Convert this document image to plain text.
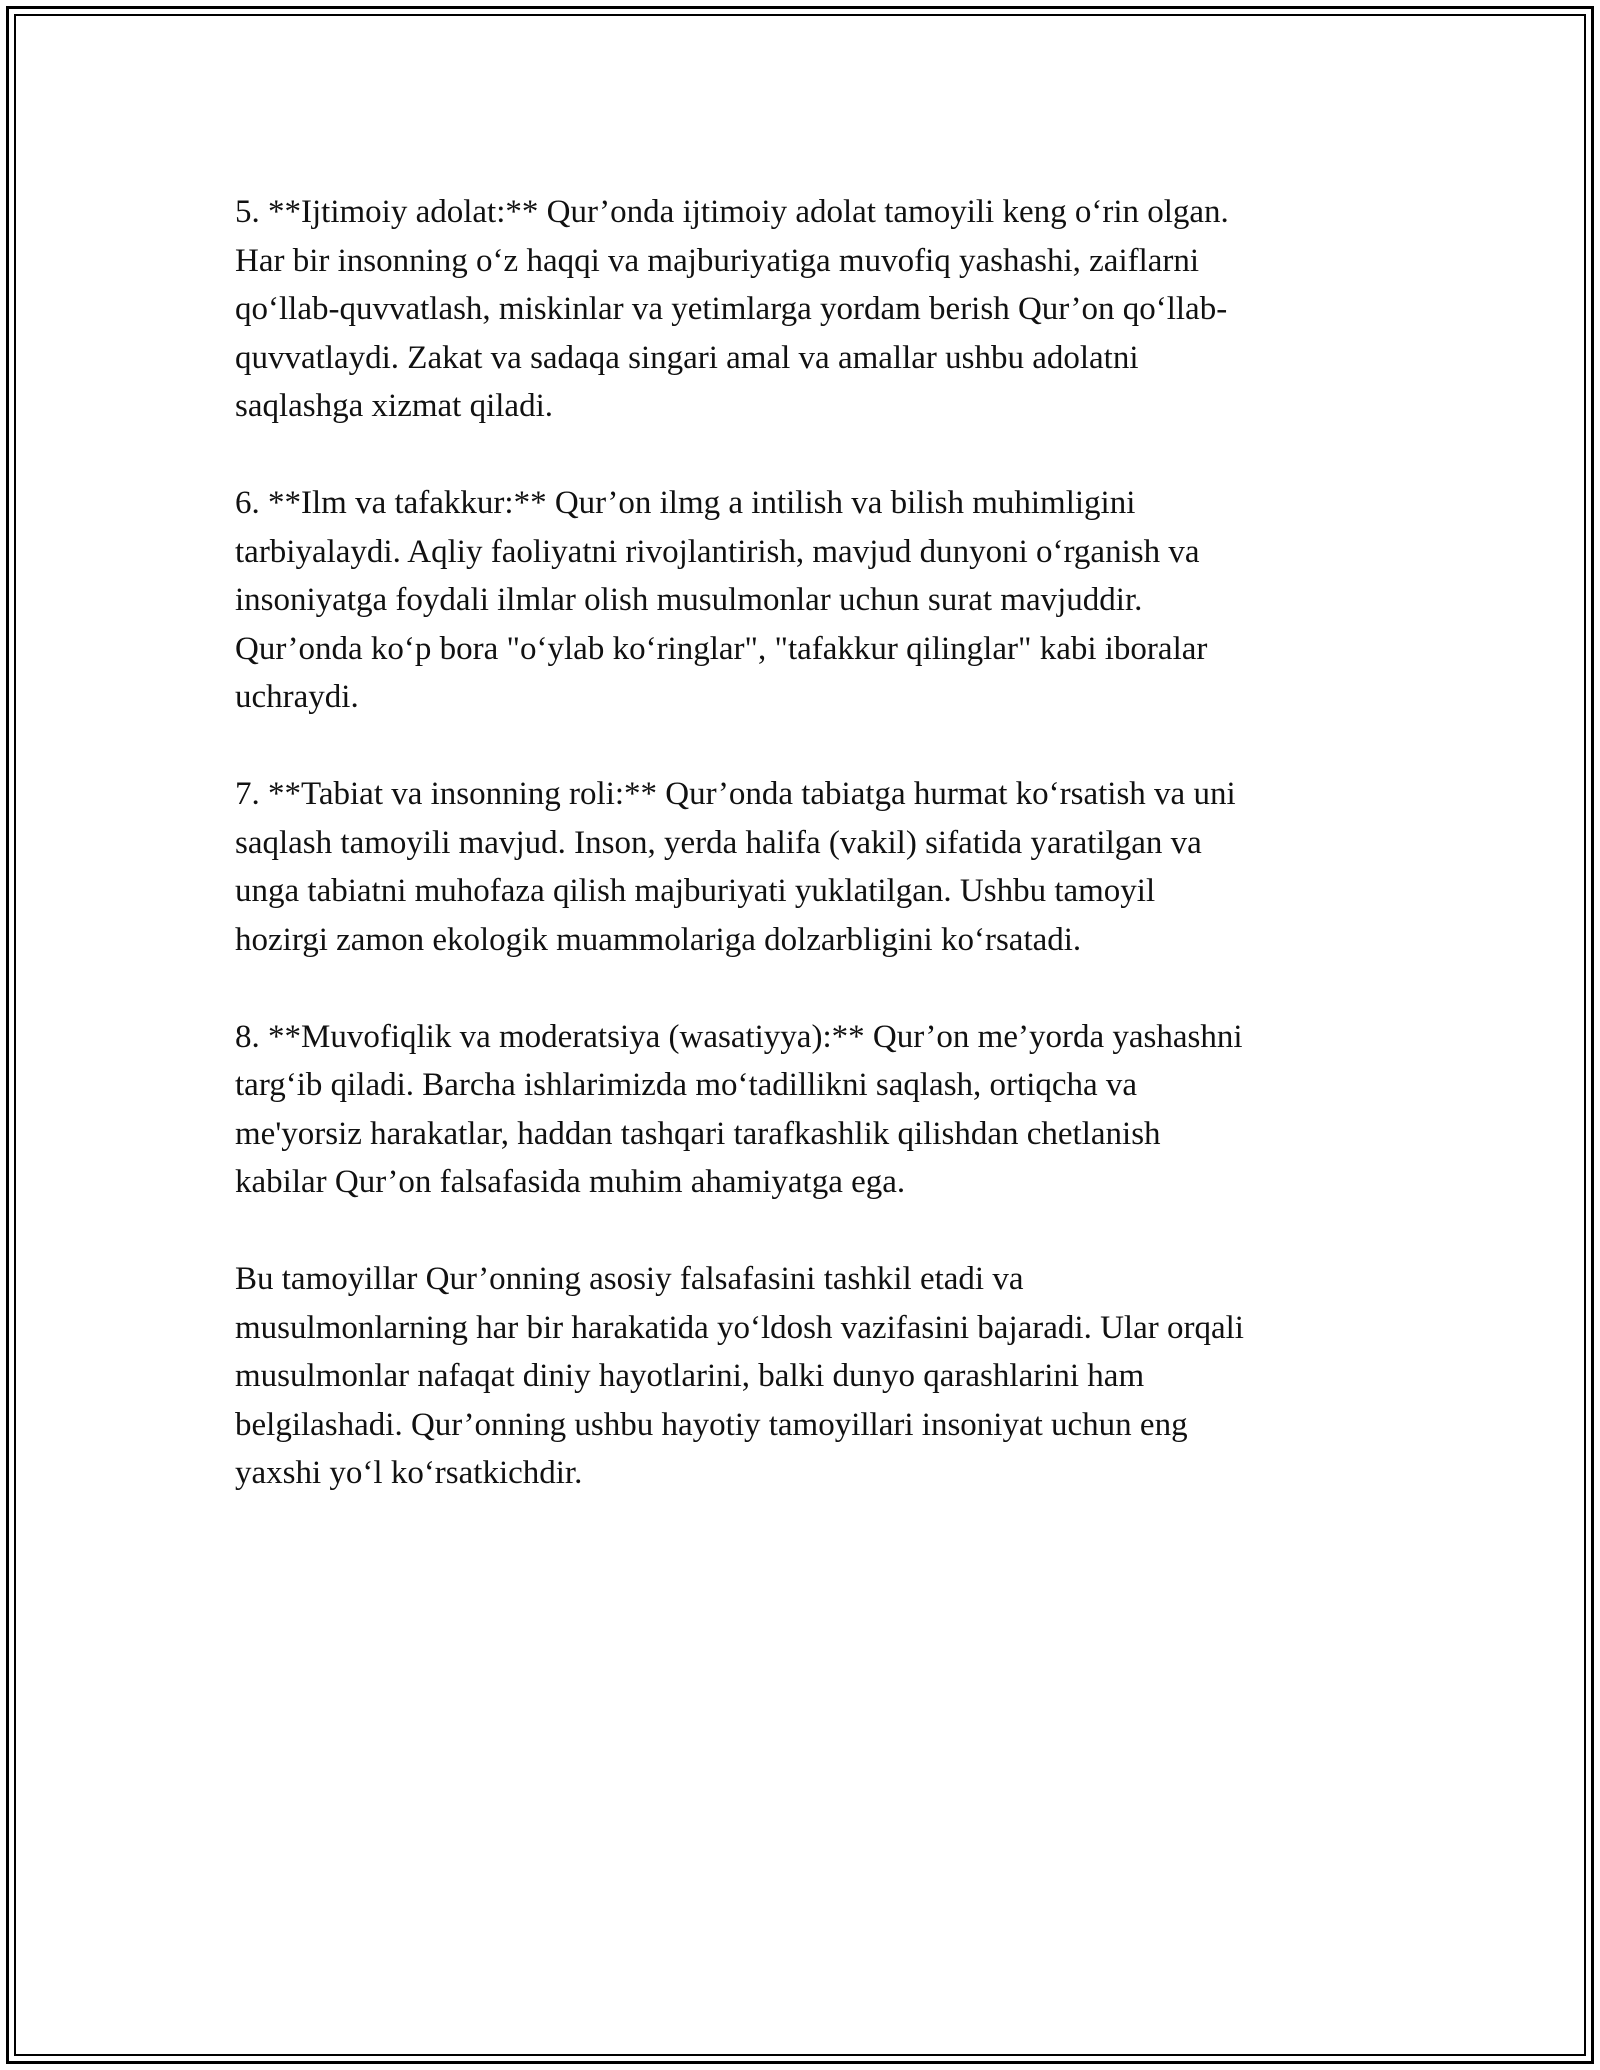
5. **Ijtimoiy adolat:** Qur’onda ijtimoiy adolat tamoyili keng o‘rin olgan.
Har bir insonning o‘z haqqi va majburiyatiga muvofiq yashashi, zaiflarni
qo‘llab-quvvatlash, miskinlar va yetimlarga yordam berish Qur’on qo‘llab-
quvvatlaydi. Zakat va sadaqa singari amal va amallar ushbu adolatni
saqlashga xizmat qiladi.

6. **Ilm va tafakkur:** Qur’on ilmg a intilish va bilish muhimligini
tarbiyalaydi. Aqliy faoliyatni rivojlantirish, mavjud dunyoni o‘rganish va
insoniyatga foydali ilmlar olish musulmonlar uchun surat mavjuddir.
Qur’onda ko‘p bora "o‘ylab ko‘ringlar", "tafakkur qilinglar" kabi iboralar
uchraydi.

7. **Tabiat va insonning roli:** Qur’onda tabiatga hurmat ko‘rsatish va uni
saqlash tamoyili mavjud. Inson, yerda halifa (vakil) sifatida yaratilgan va
unga tabiatni muhofaza qilish majburiyati yuklatilgan. Ushbu tamoyil
hozirgi zamon ekologik muammolariga dolzarbligini ko‘rsatadi.

8. **Muvofiqlik va moderatsiya (wasatiyya):** Qur’on me’yorda yashashni
targ‘ib qiladi. Barcha ishlarimizda mo‘tadillikni saqlash, ortiqcha va
me'yorsiz harakatlar, haddan tashqari tarafkashlik qilishdan chetlanish
kabilar Qur’on falsafasida muhim ahamiyatga ega.

Bu tamoyillar Qur’onning asosiy falsafasini tashkil etadi va
musulmonlarning har bir harakatida yo‘ldosh vazifasini bajaradi. Ular orqali
musulmonlar nafaqat diniy hayotlarini, balki dunyo qarashlarini ham
belgilashadi. Qur’onning ushbu hayotiy tamoyillari insoniyat uchun eng
yaxshi yo‘l ko‘rsatkichdir.
